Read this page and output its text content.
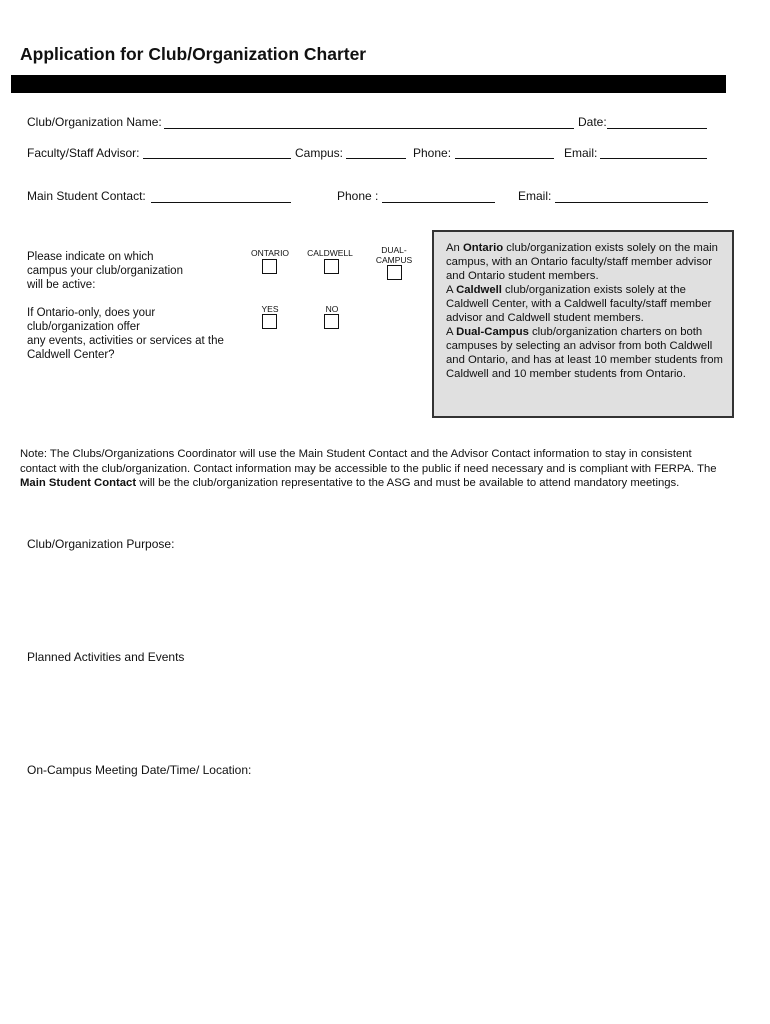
Application for Club/Organization Charter
Club/Organization Name:	Date:
Faculty/Staff Advisor:	Campus:	Phone:	Email:
Main Student Contact:	Phone :	Email:

Please indicate on which

campus your club/organization

will be active:

ONTARIO	CALDWELL	DUAL-
CAMPUS

If Ontario-only, does your

club/organization offer

any events, activities or services at the

Caldwell Center?

YES	NO

An Ontario club/organization exists solely on the main campus, with an Ontario faculty/staff member advisor and Ontario student members.

A Caldwell club/organization exists solely at the Caldwell Center, with a Caldwell faculty/staff member advisor and Caldwell student members.

A Dual-Campus club/organization charters on both campuses by selecting an advisor from both Caldwell and Ontario, and has at least 10 member students from Caldwell and 10 member students from Ontario.

Note: The Clubs/Organizations Coordinator will use the Main Student Contact and the Advisor Contact information to stay in consistent contact with the club/organization. Contact information may be accessible to the public if need necessary and is compliant with FERPA. The Main Student Contact will be the club/organization representative to the ASG and must be available to attend mandatory meetings.

Club/Organization Purpose:
Planned Activities and Events
On-Campus Meeting Date/Time/ Location:
